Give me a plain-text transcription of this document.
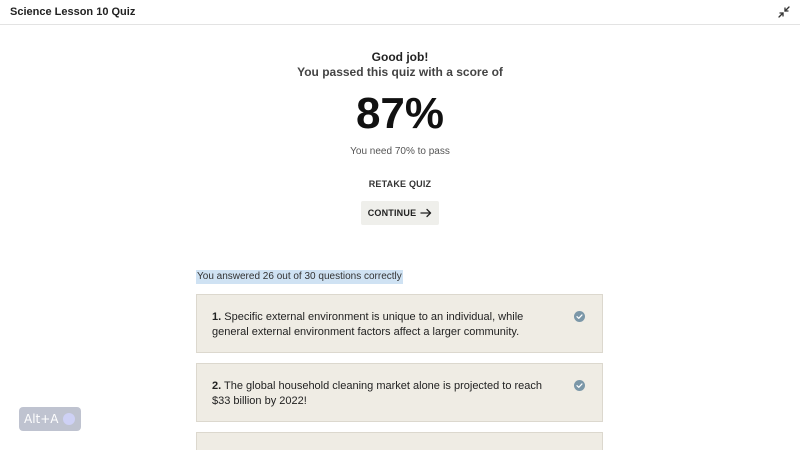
Science Lesson 10 Quiz
Good job!
You passed this quiz with a score of
87%
You need 70% to pass
RETAKE QUIZ
CONTINUE
You answered 26 out of 30 questions correctly
1. Specific external environment is unique to an individual, while general external environment factors affect a larger community.
2. The global household cleaning market alone is projected to reach $33 billion by 2022!
Alt+A
